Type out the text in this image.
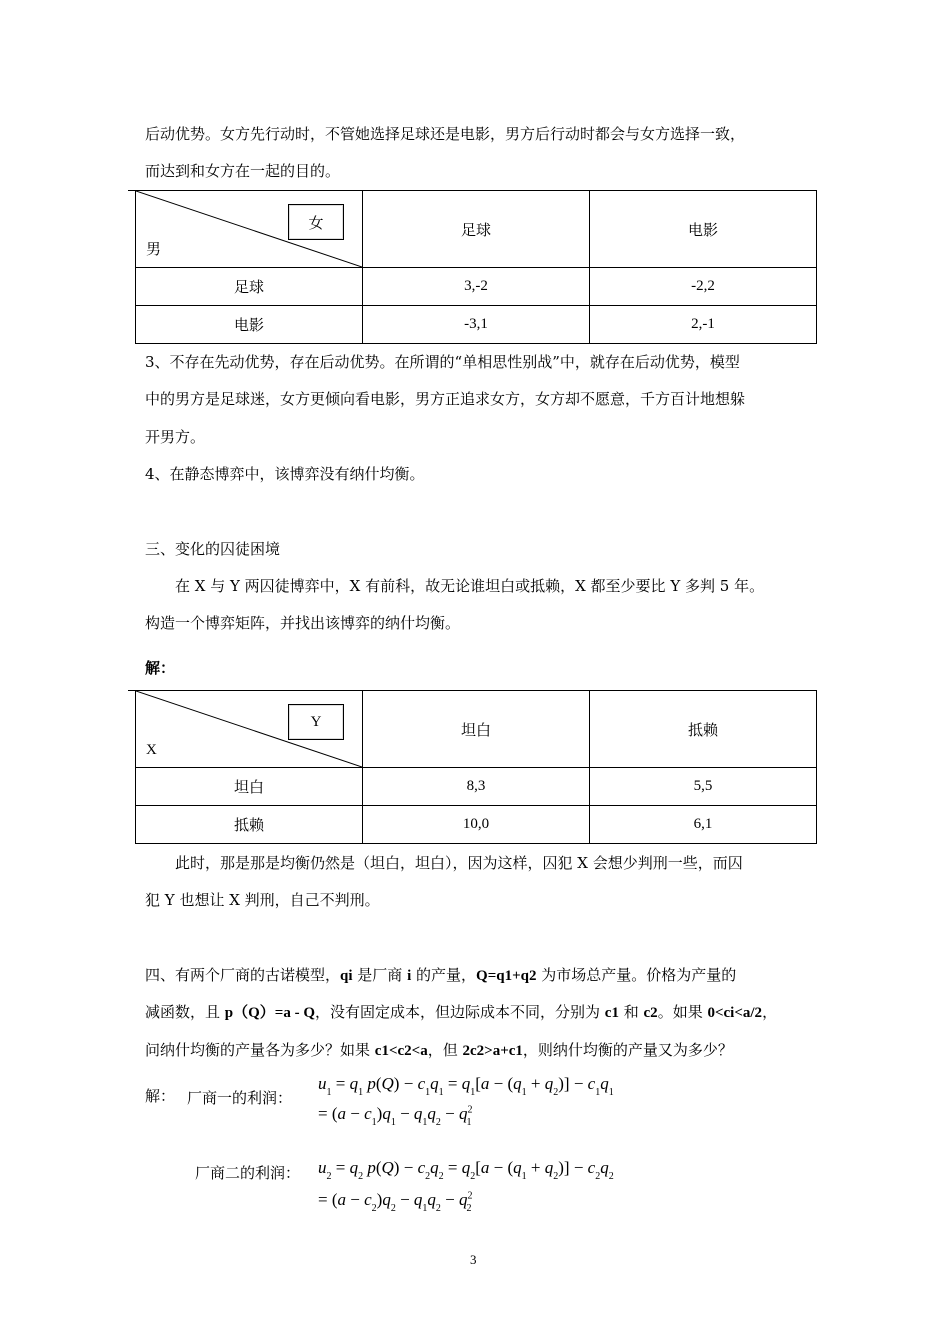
后动优势。女方先行动时，不管她选择足球还是电影，男方后行动时都会与女方选择一致，
而达到和女方在一起的目的。
女
男	足球	电影
足球	3,-2	-2,2
电影	-3,1	2,-1
3、不存在先动优势，存在后动优势。在所谓的“单相思性别战”中，就存在后动优势，模型
中的男方是足球迷，女方更倾向看电影，男方正追求女方，女方却不愿意，千方百计地想躲
开男方。
4、在静态博弈中，该博弈没有纳什均衡。
三、变化的囚徒困境
在 X 与 Y 两囚徒博弈中，X 有前科，故无论谁坦白或抵赖，X 都至少要比 Y 多判 5 年。
构造一个博弈矩阵，并找出该博弈的纳什均衡。
解：
Y
X	坦白	抵赖
坦白	8,3	5,5
抵赖	10,0	6,1
此时，那是那是均衡仍然是（坦白，坦白），因为这样，囚犯 X 会想少判刑一些，而囚
犯 Y 也想让 X 判刑，自己不判刑。
四、有两个厂商的古诺模型，qi 是厂商 i 的产量，Q=q1+q2 为市场总产量。价格为产量的
减函数，且 p（Q）=a - Q，没有固定成本，但边际成本不同，分别为 c1 和 c2。如果 0<ci<a/2，
问纳什均衡的产量各为多少？如果 c1<c2<a，但 2c2>a+c1，则纳什均衡的产量又为多少？
解： 厂商一的利润：
$u_1 = q_1$ $p(Q) - c_1q_1 = q_1[a - (q_1 + q_2)] - c_1q_1$
= $(a - c_1)q_1 - q_1q_2 - q^2_1$
厂商二的利润： $u_2 = q_2$ $p(Q) - c_2q_2 = q_2[a - (q_1 + q_2)] - c_2q_2$
= $(a - c_2)q_2 - q_1q_2 - q^2_2$
3
